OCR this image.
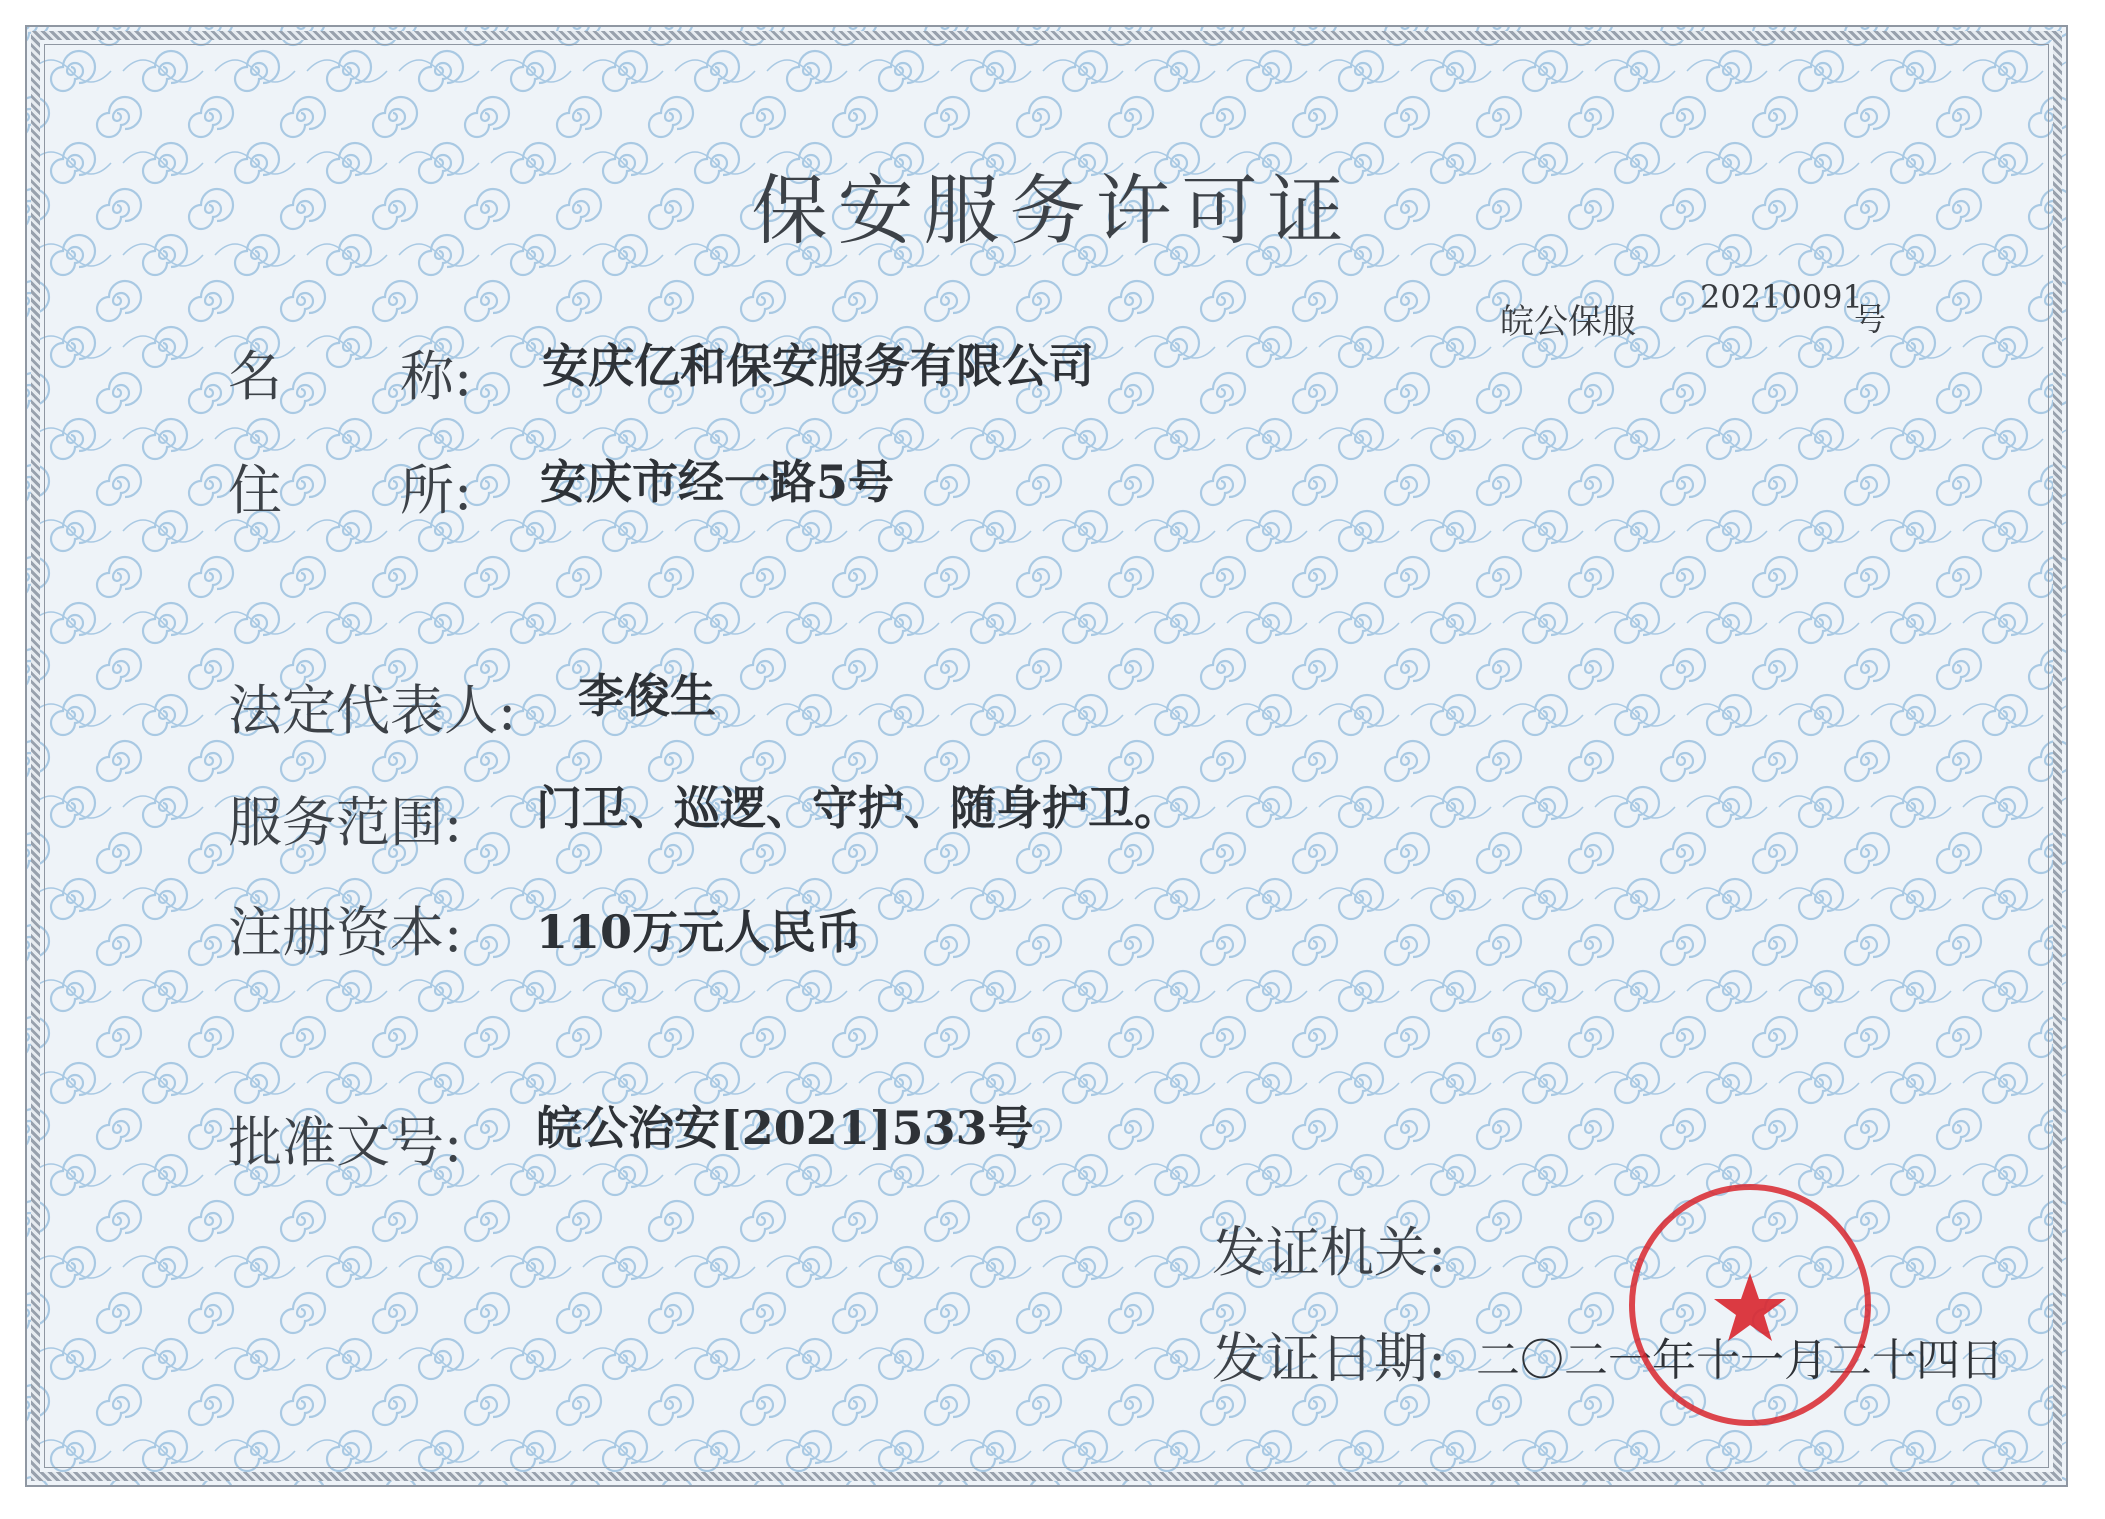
保安服务许可证
皖公保服
20210091
号
名 称: 安庆亿和保安服务有限公司
住 所: 安庆市经一路5号
法定代表人: 李俊生
服务范围: 门卫、巡逻、守护、随身护卫。
注册资本: 110万元人民币
批准文号: 皖公治安[2021]533号
发证机关:
发证日期: 二〇二一年十一月二十四日
